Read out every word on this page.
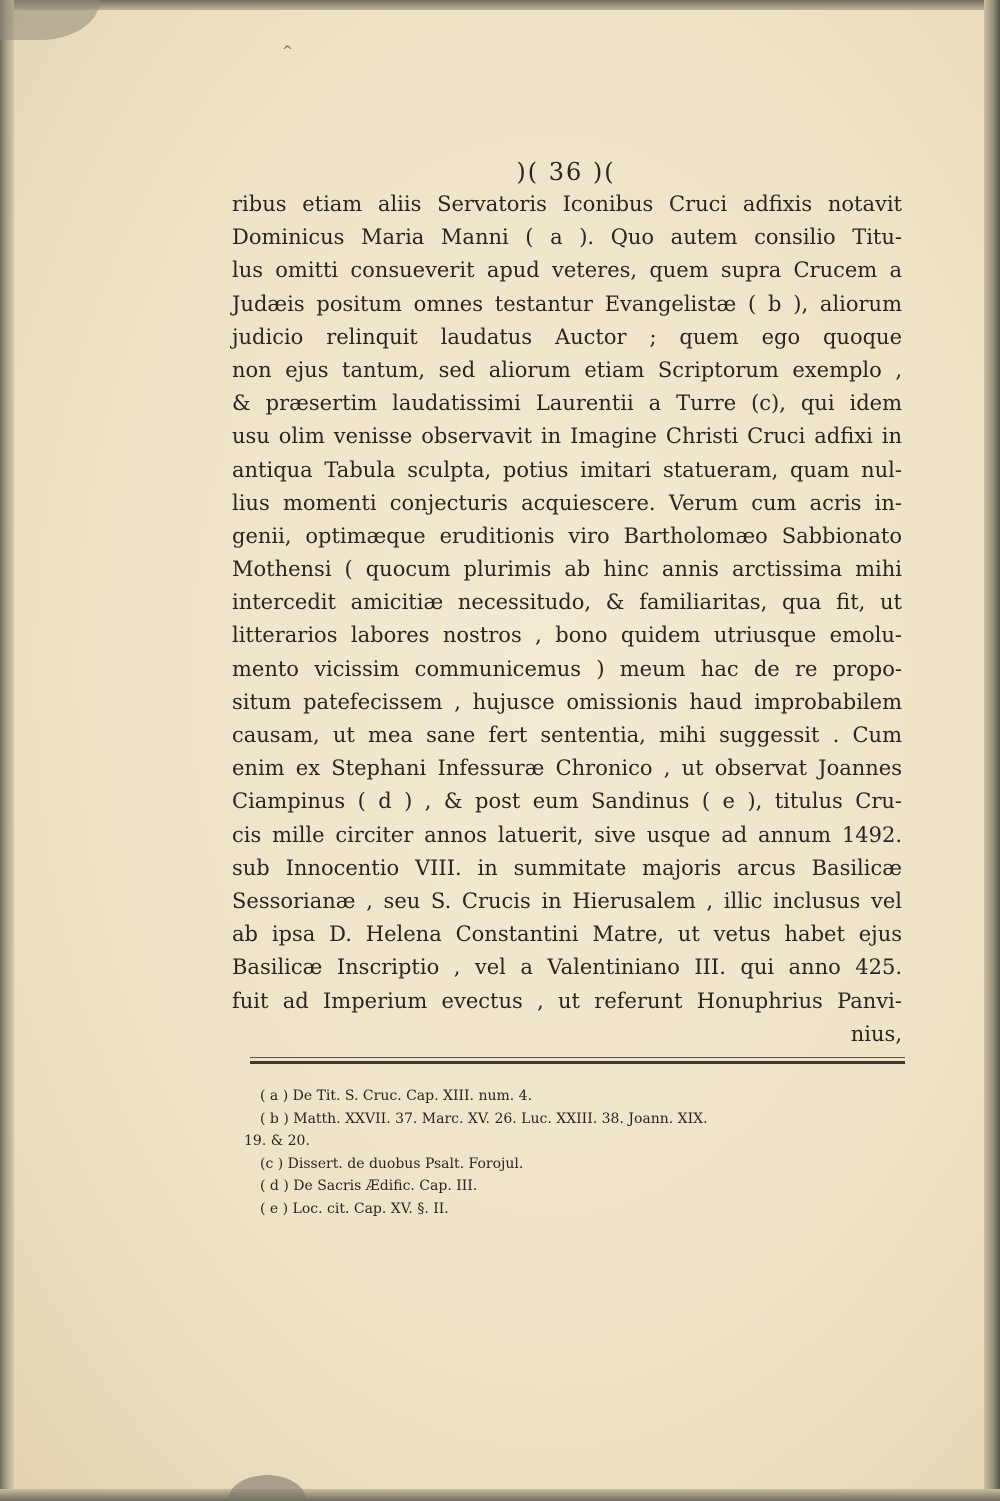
^
)( 36 )(
ribus etiam aliis Servatoris Iconibus Cruci adfixis notavit
Dominicus Maria Manni ( a ). Quo autem consilio Titu-
lus omitti consueverit apud veteres, quem supra Crucem a
Judæis positum omnes testantur Evangelistæ ( b ), aliorum
judicio relinquit laudatus Auctor ; quem ego quoque
non ejus tantum, sed aliorum etiam Scriptorum exemplo ,
& præsertim laudatissimi Laurentii a Turre (c), qui idem
usu olim venisse observavit in Imagine Christi Cruci adfixi in
antiqua Tabula sculpta, potius imitari statueram, quam nul-
lius momenti conjecturis acquiescere. Verum cum acris in-
genii, optimæque eruditionis viro Bartholomæo Sabbionato
Mothensi ( quocum plurimis ab hinc annis arctissima mihi
intercedit amicitiæ necessitudo, & familiaritas, qua fit, ut
litterarios labores nostros , bono quidem utriusque emolu-
mento vicissim communicemus ) meum hac de re propo-
situm patefecissem , hujusce omissionis haud improbabilem
causam, ut mea sane fert sententia, mihi suggessit . Cum
enim ex Stephani Infessuræ Chronico , ut observat Joannes
Ciampinus ( d ) , & post eum Sandinus ( e ), titulus Cru-
cis mille circiter annos latuerit, sive usque ad annum 1492.
sub Innocentio VIII. in summitate majoris arcus Basilicæ
Sessorianæ , seu S. Crucis in Hierusalem , illic inclusus vel
ab ipsa D. Helena Constantini Matre, ut vetus habet ejus
Basilicæ Inscriptio , vel a Valentiniano III. qui anno 425.
fuit ad Imperium evectus , ut referunt Honuphrius Panvi-
nius,
( a ) De Tit. S. Cruc. Cap. XIII. num. 4.
( b ) Matth. XXVII. 37. Marc. XV. 26. Luc. XXIII. 38. Joann. XIX.
19. & 20.
(c ) Dissert. de duobus Psalt. Forojul.
( d ) De Sacris Ædific. Cap. III.
( e ) Loc. cit. Cap. XV. §. II.
